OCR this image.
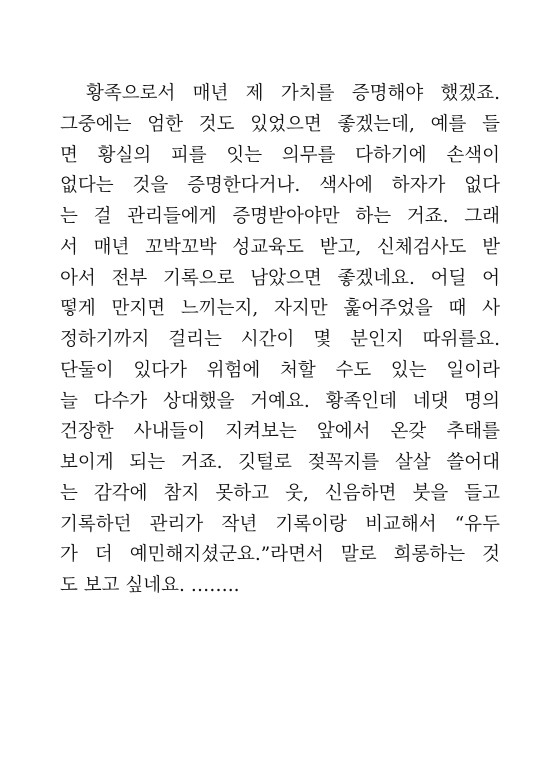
황족으로서 매년 제 가치를 증명해야 했겠죠.
그중에는 엄한 것도 있었으면 좋겠는데, 예를 들
면 황실의 피를 잇는 의무를 다하기에 손색이
없다는 것을 증명한다거나. 색사에 하자가 없다
는 걸 관리들에게 증명받아야만 하는 거죠. 그래
서 매년 꼬박꼬박 성교육도 받고, 신체검사도 받
아서 전부 기록으로 남았으면 좋겠네요. 어딜 어
떻게 만지면 느끼는지, 자지만 훑어주었을 때 사
정하기까지 걸리는 시간이 몇 분인지 따위를요.
단둘이 있다가 위험에 처할 수도 있는 일이라
늘 다수가 상대했을 거예요. 황족인데 네댓 명의
건장한 사내들이 지켜보는 앞에서 온갖 추태를
보이게 되는 거죠. 깃털로 젖꼭지를 살살 쓸어대
는 감각에 참지 못하고 웃, 신음하면 붓을 들고
기록하던 관리가 작년 기록이랑 비교해서 “유두
가 더 예민해지셨군요.”라면서 말로 희롱하는 것
도 보고 싶네요. ……..
